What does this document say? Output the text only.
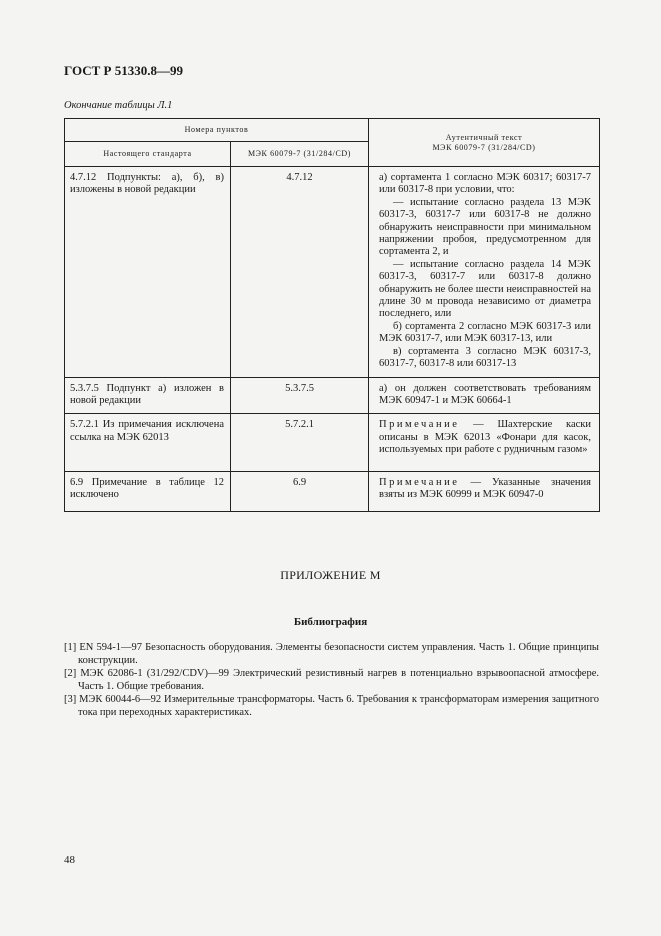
ГОСТ Р 51330.8—99
Окончание таблицы Л.1
Номера пунктов		Аутентичный текст
МЭК 60079-7 (31/284/CD)

Настоящего стандарта	МЭК 60079-7 (31/284/CD)	
4.7.12 Подпункты: а), б), в) изложены в новой редакции	4.7.12	а) сортамента 1 согласно МЭК 60317; 60317-7 или 60317-8 при условии, что:

— испытание согласно раздела 13 МЭК 60317-3, 60317-7 или 60317-8 не должно обнаружить неисправности при минимальном напряжении пробоя, предусмотренном для сортамента 2, и

— испытание согласно раздела 14 МЭК 60317-3, 60317-7 или 60317-8 должно обнаружить не более шести неисправностей на длине 30 м провода независимо от диаметра последнего, или

б) сортамента 2 согласно МЭК 60317-3 или МЭК 60317-7, или МЭК 60317-13, или

в) сортамента 3 согласно МЭК 60317-3, 60317-7, 60317-8 или 60317-13

5.3.7.5 Подпункт а) изложен в новой редакции	5.3.7.5	а) он должен соответствовать требованиям МЭК 60947-1 и МЭК 60664-1

5.7.2.1 Из примечания исключена ссылка на МЭК 62013	5.7.2.1	Примечание — Шахтерские каски описаны в МЭК 62013 «Фонари для касок, используемых при работе с рудничным газом»

6.9 Примечание в таблице 12 исключено	6.9	Примечание — Указанные значения взяты из МЭК 60999 и МЭК 60947-0

ПРИЛОЖЕНИЕ М
Библиография

[1] EN 594-1—97 Безопасность оборудования. Элементы безопасности систем управления. Часть 1. Общие принципы конструкции.

[2] МЭК 62086-1 (31/292/CDV)—99 Электрический резистивный нагрев в потенциально взрывоопасной атмосфере. Часть 1. Общие требования.

[3] МЭК 60044-6—92 Измерительные трансформаторы. Часть 6. Требования к трансформаторам измерения защитного тока при переходных характеристиках.

48
